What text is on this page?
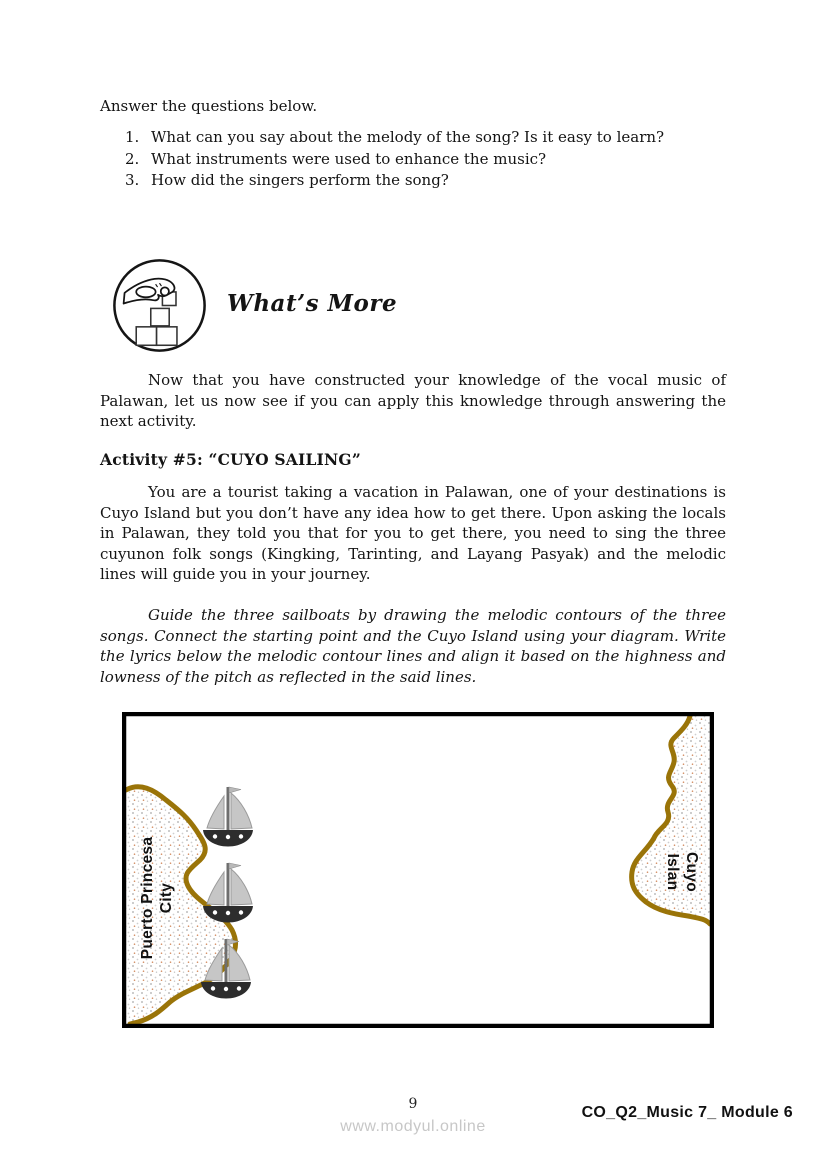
Answer the questions below.

1. What can you say about the melody of the song? Is it easy to learn?
2. What instruments were used to enhance the music?
3. How did the singers perform the song?
What’s More

Now that you have constructed your knowledge of the vocal music of Palawan, let us now see if you can apply this knowledge through answering the next activity.

Activity #5: “CUYO SAILING”

You are a tourist taking a vacation in Palawan, one of your destinations is Cuyo Island but you don’t have any idea how to get there. Upon asking the locals in Palawan, they told you that for you to get there, you need to sing the three cuyunon folk songs (Kingking, Tarinting, and Layang Pasyak) and the melodic lines will guide you in your journey.

Guide the three sailboats by drawing the melodic contours of the three songs. Connect the starting point and the Cuyo Island using your diagram. Write the lyrics below the melodic contour lines and align it based on the highness and lowness of the pitch as reflected in the said lines.

Puerto Princesa City
Cuyo
Islan
9
www.modyul.online
CO_Q2_Music 7_ Module 6
